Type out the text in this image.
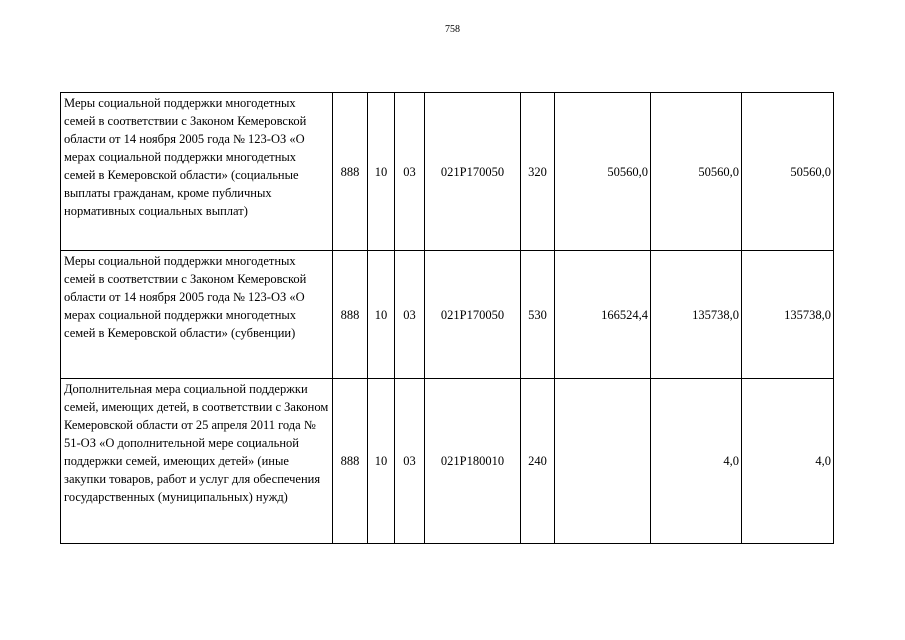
758
Меры социальной поддержки многодетных семей в соответствии с Законом Кемеровской области от 14 ноября 2005 года № 123-ОЗ «О мерах социальной поддержки многодетных семей в Кемеровской области» (социальные выплаты гражданам, кроме публичных нормативных социальных выплат)	888	10	03	021P170050	320	50560,0	50560,0	50560,0
Меры социальной поддержки многодетных семей в соответствии с Законом Кемеровской области от 14 ноября 2005 года № 123-ОЗ «О мерах социальной поддержки многодетных семей в Кемеровской области» (субвенции)	888	10	03	021P170050	530	166524,4	135738,0	135738,0
Дополнительная мера социальной поддержки семей, имеющих детей, в соответствии с Законом Кемеровской области от 25 апреля 2011 года № 51-ОЗ «О дополнительной мере социальной поддержки семей, имеющих детей» (иные закупки товаров, работ и услуг для обеспечения государственных (муниципальных) нужд)	888	10	03	021P180010	240		4,0	4,0
